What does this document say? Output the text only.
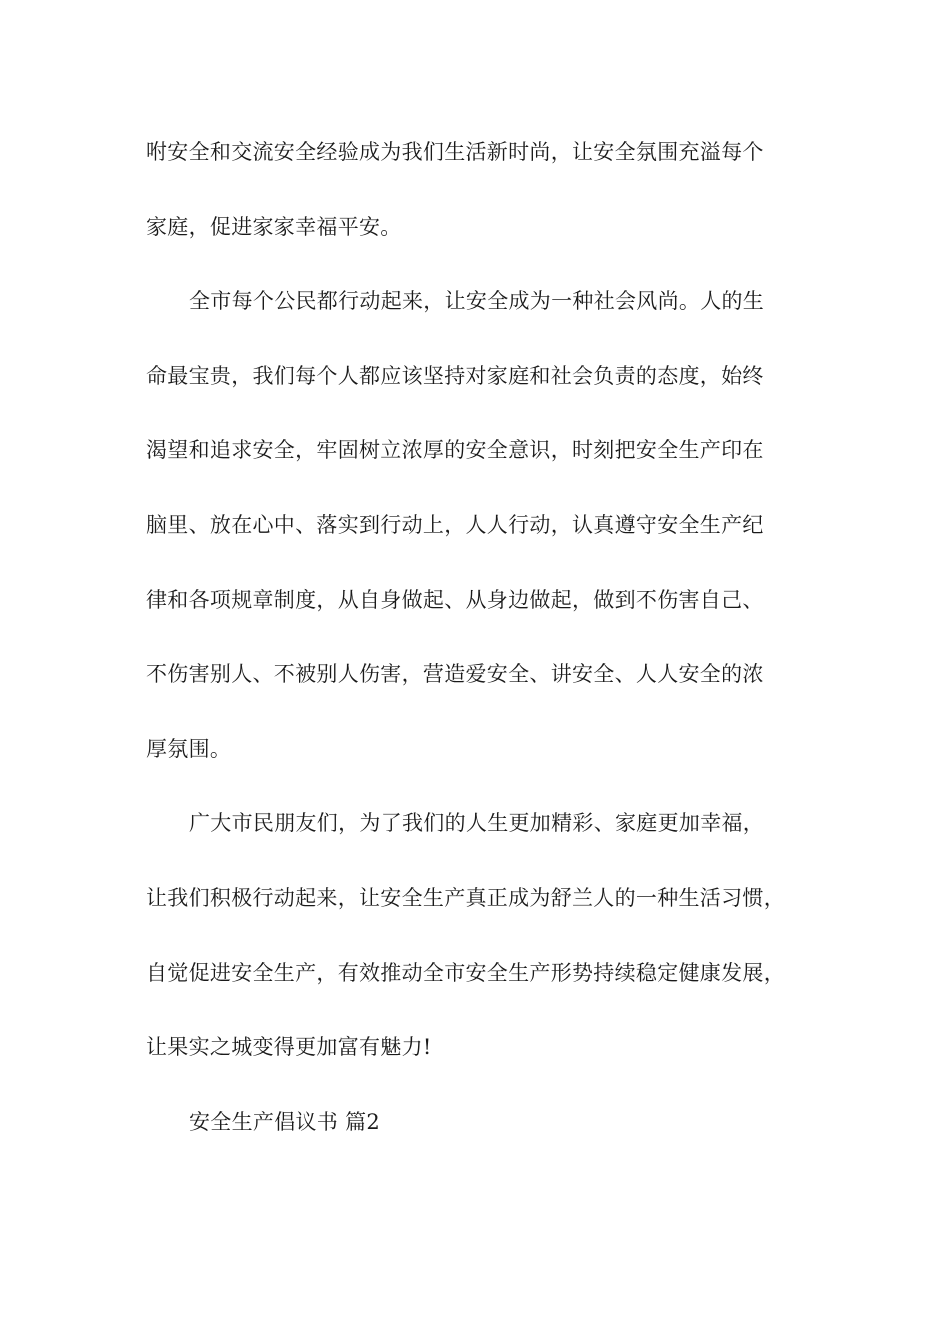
咐安全和交流安全经验成为我们生活新时尚，让安全氛围充溢每个
家庭，促进家家幸福平安。
全市每个公民都行动起来，让安全成为一种社会风尚。人的生
命最宝贵，我们每个人都应该坚持对家庭和社会负责的态度，始终
渴望和追求安全，牢固树立浓厚的安全意识，时刻把安全生产印在
脑里、放在心中、落实到行动上，人人行动，认真遵守安全生产纪
律和各项规章制度，从自身做起、从身边做起，做到不伤害自己、
不伤害别人、不被别人伤害，营造爱安全、讲安全、人人安全的浓
厚氛围。
广大市民朋友们，为了我们的人生更加精彩、家庭更加幸福，
让我们积极行动起来，让安全生产真正成为舒兰人的一种生活习惯，
自觉促进安全生产，有效推动全市安全生产形势持续稳定健康发展，
让果实之城变得更加富有魅力!
安全生产倡议书 篇2
